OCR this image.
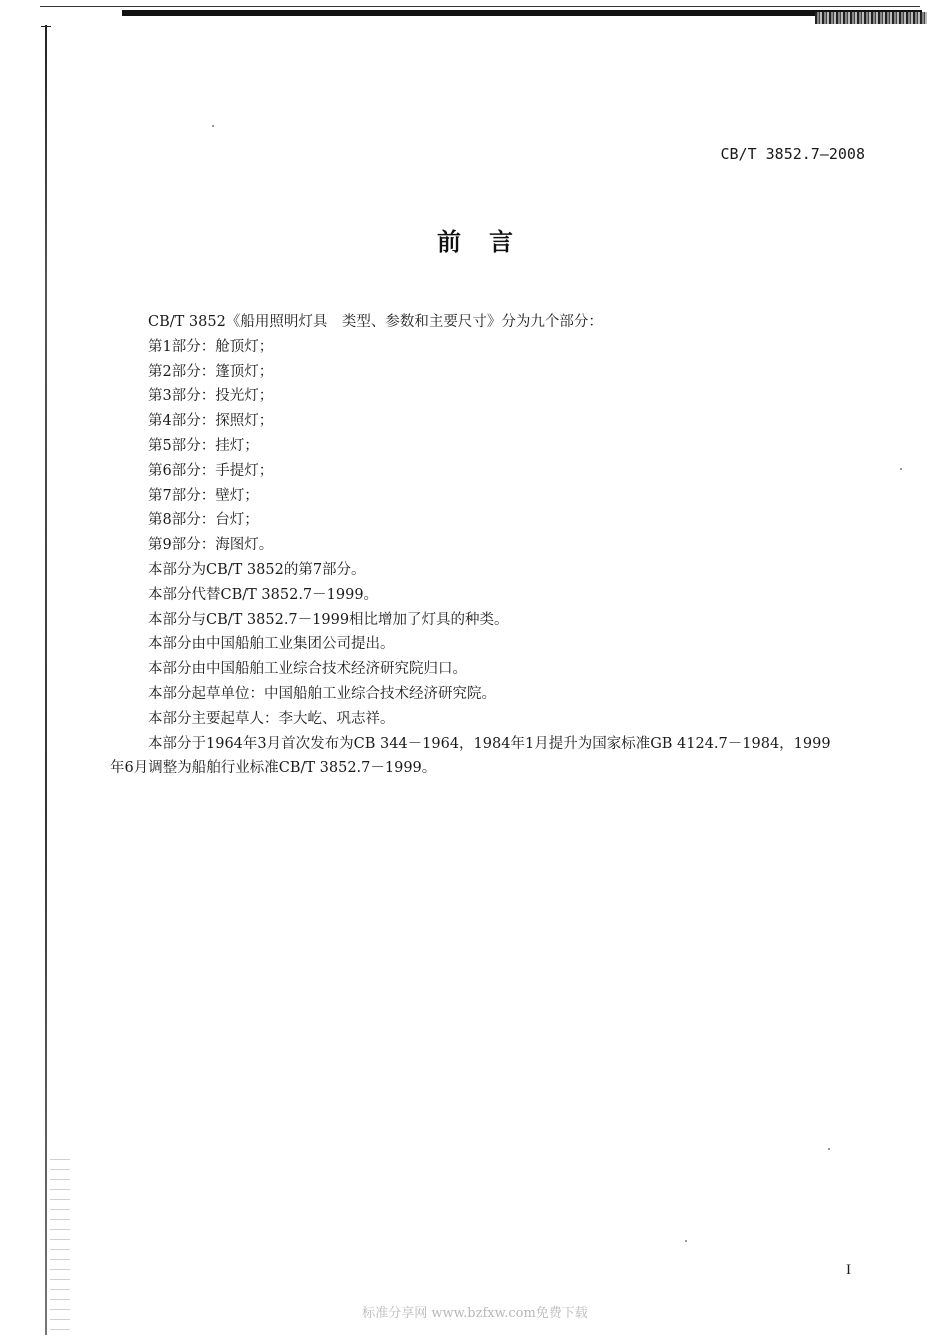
CB/T 3852.7—2008
前言
CB/T 3852《船用照明灯具　类型、参数和主要尺寸》分为九个部分：
第1部分：舱顶灯；
第2部分：篷顶灯；
第3部分：投光灯；
第4部分：探照灯；
第5部分：挂灯；
第6部分：手提灯；
第7部分：壁灯；
第8部分：台灯；
第9部分：海图灯。
本部分为CB/T 3852的第7部分。
本部分代替CB/T 3852.7－1999。
本部分与CB/T 3852.7－1999相比增加了灯具的种类。
本部分由中国船舶工业集团公司提出。
本部分由中国船舶工业综合技术经济研究院归口。
本部分起草单位：中国船舶工业综合技术经济研究院。
本部分主要起草人：李大屹、巩志祥。
本部分于1964年3月首次发布为CB 344－1964，1984年1月提升为国家标准GB 4124.7－1984，1999
年6月调整为船舶行业标准CB/T 3852.7－1999。
I
标准分享网 www.bzfxw.com免费下载
